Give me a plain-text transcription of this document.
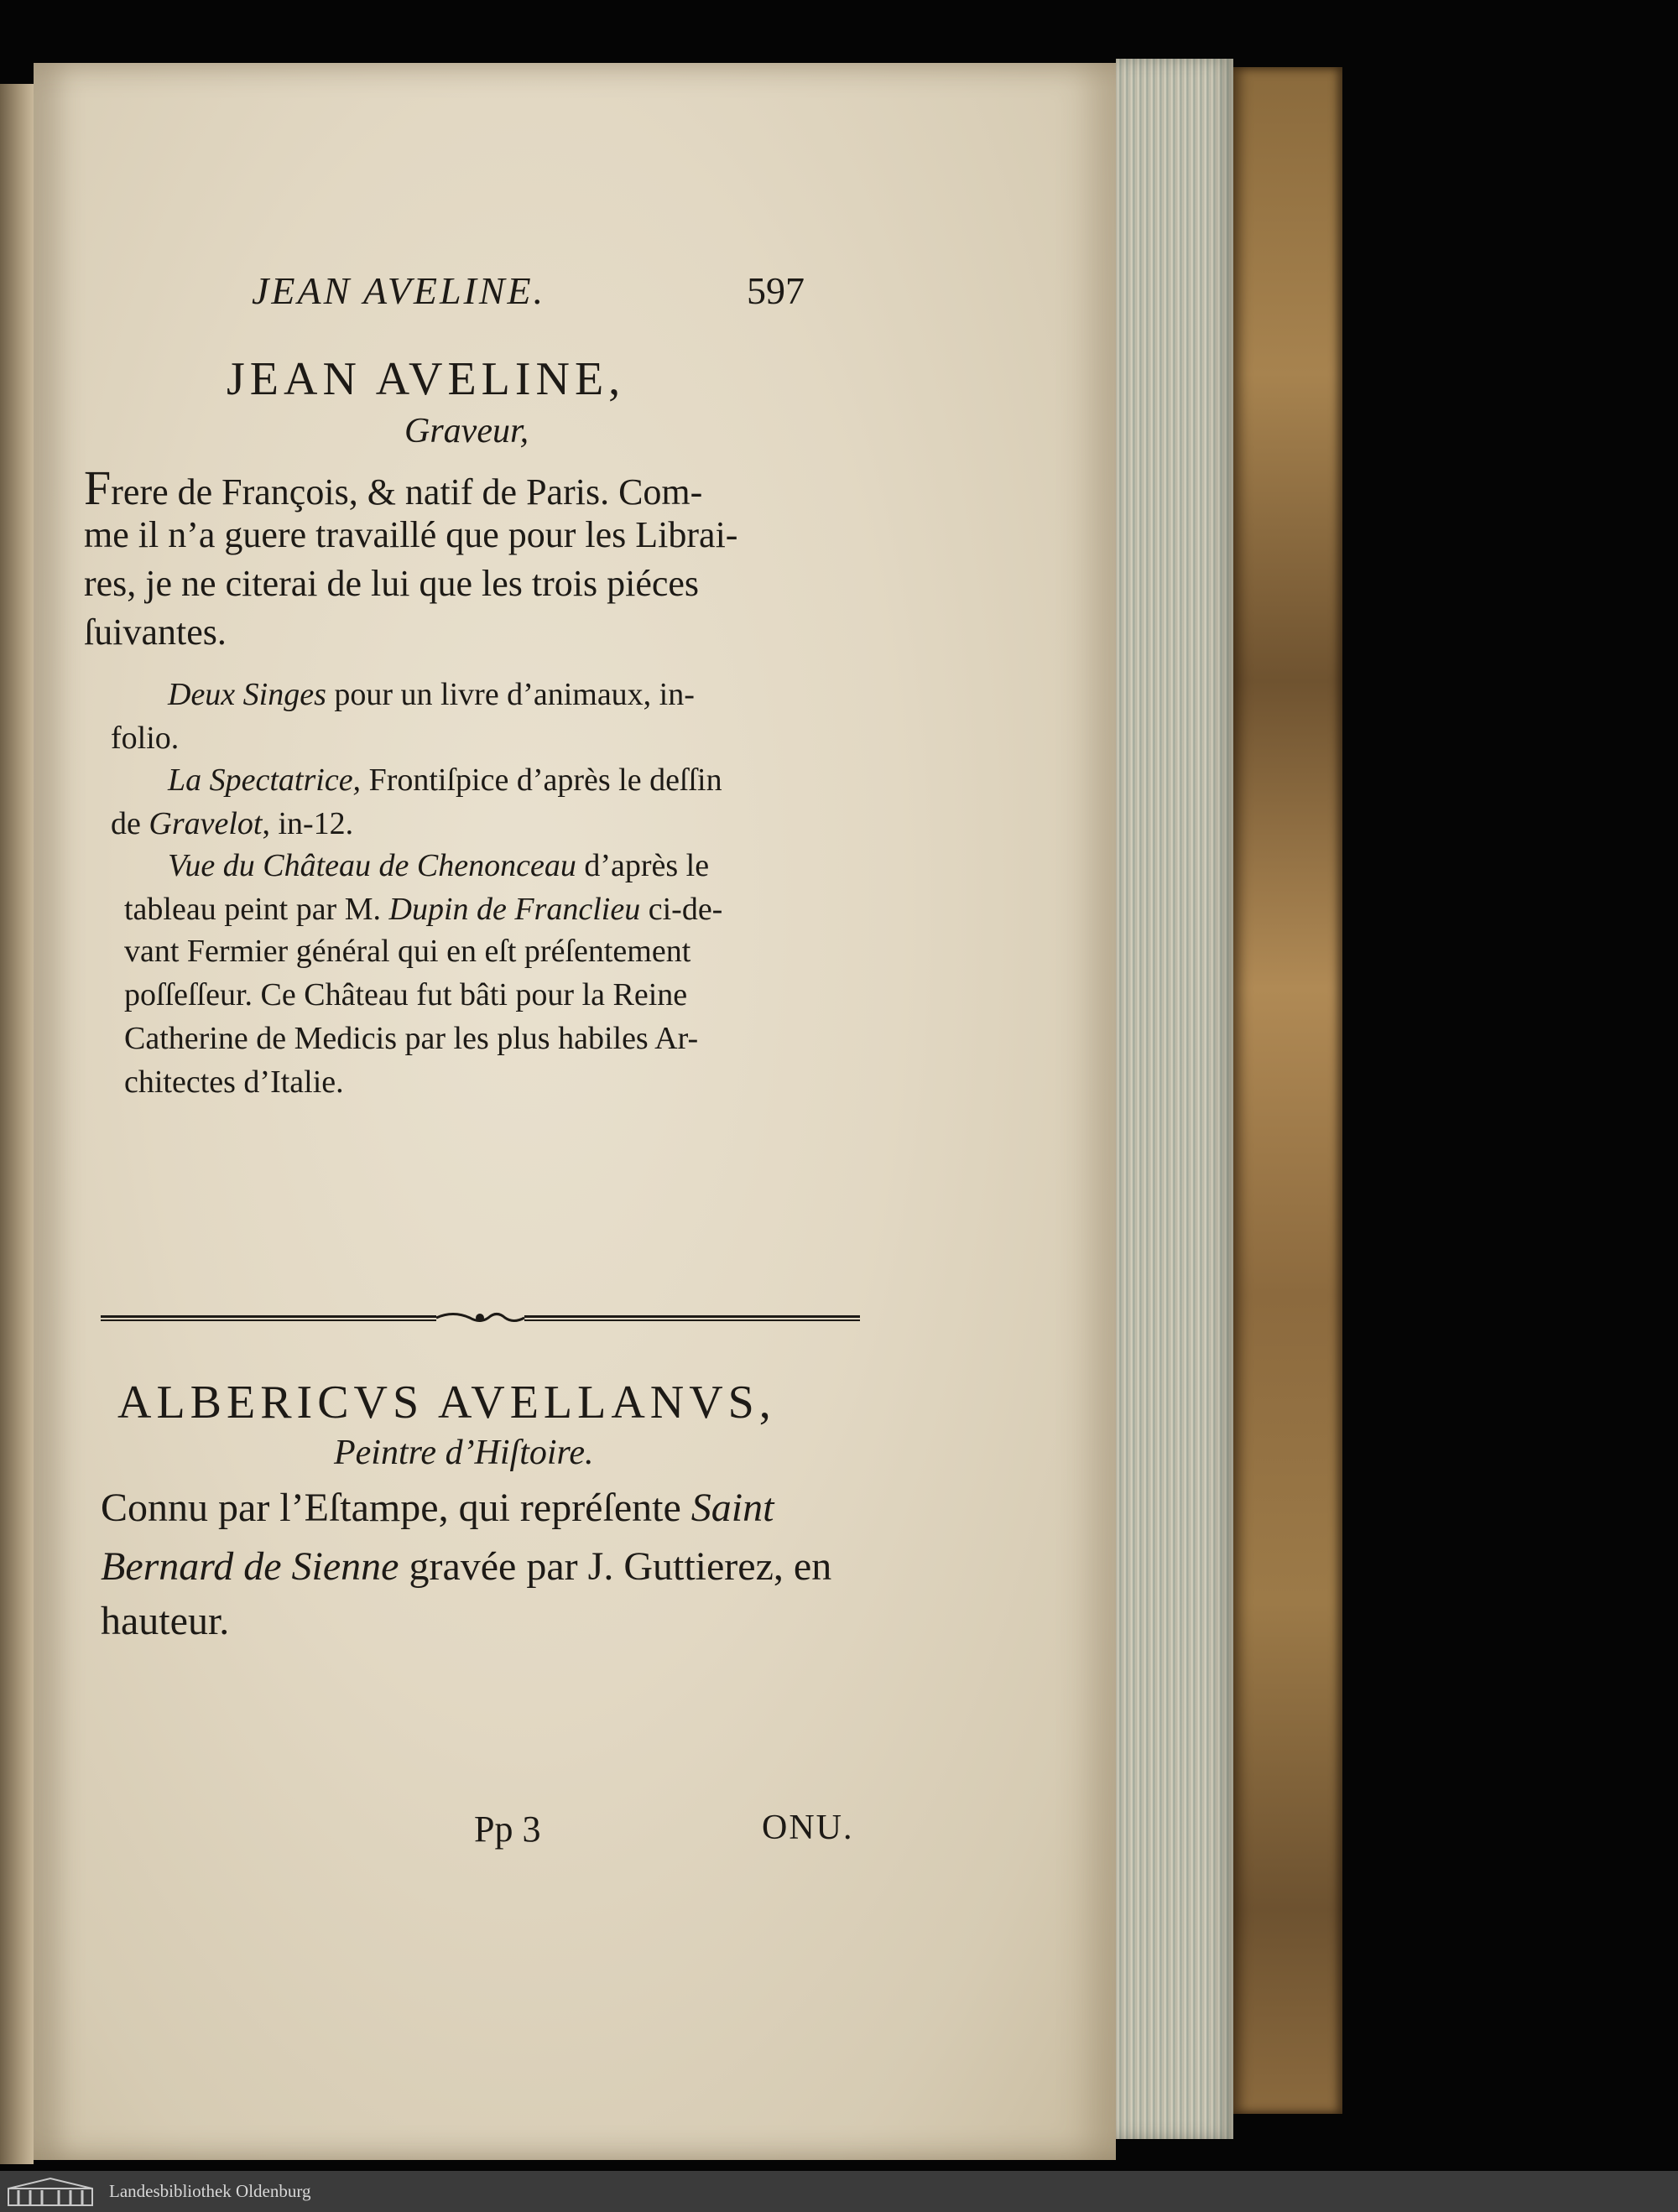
JEAN AVELINE.	597
JEAN AVELINE,
Graveur,
Frere de François, & natif de Paris. Com-
me il n’a guere travaillé que pour les Librai-
res, je ne citerai de lui que les trois piéces
ſuivantes.
Deux Singes pour un livre d’animaux, in-
folio.
La Spectatrice, Frontiſpice d’après le deſſin
de Gravelot, in-12.
Vue du Château de Chenonceau d’après le
tableau peint par M. Dupin de Franclieu ci-de-
vant Fermier général qui en eſt préſentement
poſſeſſeur. Ce Château fut bâti pour la Reine
Catherine de Medicis par les plus habiles Ar-
chitectes d’Italie.
ALBERICVS AVELLANVS,
Peintre d’Hiſtoire.
Connu par l’Eſtampe, qui repréſente Saint
Bernard de Sienne gravée par J. Guttierez, en
hauteur.
Pp 3	ONU.
Landesbibliothek Oldenburg
